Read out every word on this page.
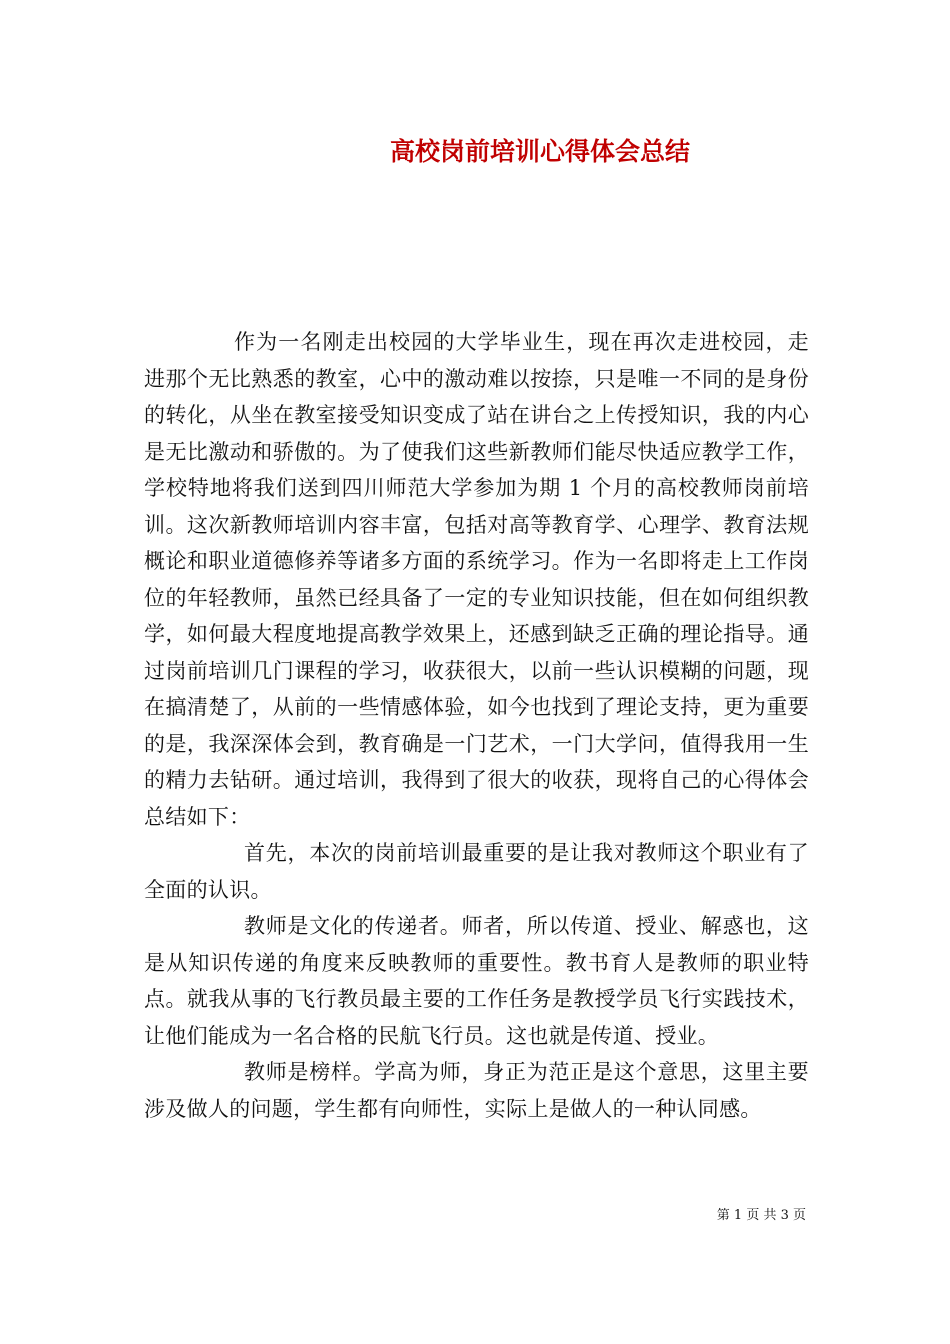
高校岗前培训心得体会总结

作为一名刚走出校园的大学毕业生，现在再次走进校园，走进那个无比熟悉的教室，心中的激动难以按捺，只是唯一不同的是身份的转化，从坐在教室接受知识变成了站在讲台之上传授知识，我的内心是无比激动和骄傲的。为了使我们这些新教师们能尽快适应教学工作，学校特地将我们送到四川师范大学参加为期 1 个月的高校教师岗前培训。这次新教师培训内容丰富，包括对高等教育学、心理学、教育法规概论和职业道德修养等诸多方面的系统学习。作为一名即将走上工作岗位的年轻教师，虽然已经具备了一定的专业知识技能，但在如何组织教学，如何最大程度地提高教学效果上，还感到缺乏正确的理论指导。通过岗前培训几门课程的学习，收获很大，以前一些认识模糊的问题，现在搞清楚了，从前的一些情感体验，如今也找到了理论支持，更为重要的是，我深深体会到，教育确是一门艺术，一门大学问，值得我用一生的精力去钻研。通过培训，我得到了很大的收获，现将自己的心得体会总结如下：

首先，本次的岗前培训最重要的是让我对教师这个职业有了全面的认识。

教师是文化的传递者。师者，所以传道、授业、解惑也，这是从知识传递的角度来反映教师的重要性。教书育人是教师的职业特点。就我从事的飞行教员最主要的工作任务是教授学员飞行实践技术，让他们能成为一名合格的民航飞行员。这也就是传道、授业。

教师是榜样。学高为师，身正为范正是这个意思，这里主要涉及做人的问题，学生都有向师性，实际上是做人的一种认同感。

第 1 页 共 3 页
